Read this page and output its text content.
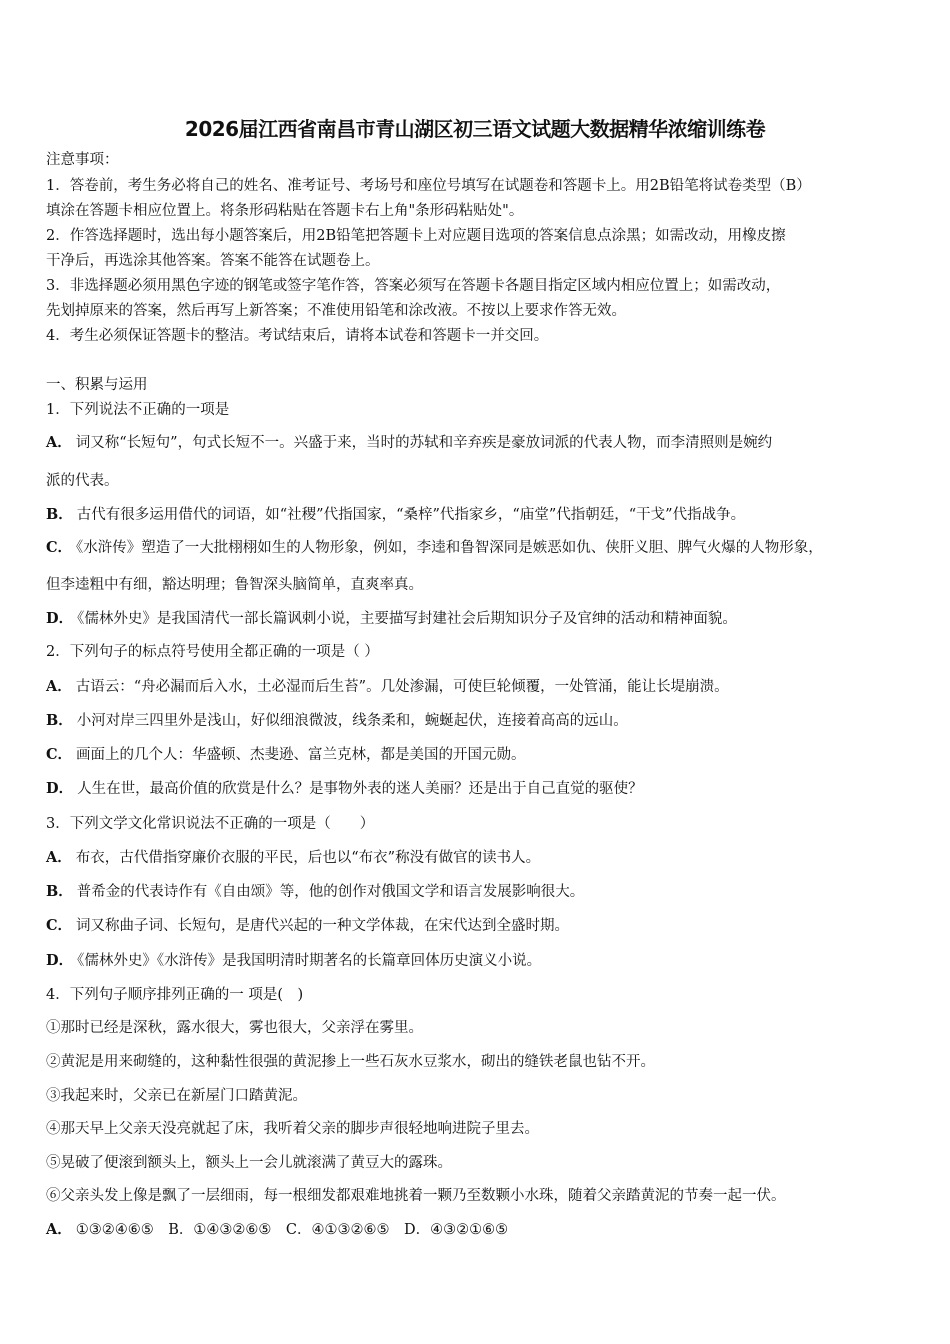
2026届江西省南昌市青山湖区初三语文试题大数据精华浓缩训练卷
注意事项：
1．答卷前，考生务必将自己的姓名、准考证号、考场号和座位号填写在试题卷和答题卡上。用2B铅笔将试卷类型（B）
填涂在答题卡相应位置上。将条形码粘贴在答题卡右上角"条形码粘贴处"。
2．作答选择题时，选出每小题答案后，用2B铅笔把答题卡上对应题目选项的答案信息点涂黑；如需改动，用橡皮擦
干净后，再选涂其他答案。答案不能答在试题卷上。
3．非选择题必须用黑色字迹的钢笔或签字笔作答，答案必须写在答题卡各题目指定区域内相应位置上；如需改动，
先划掉原来的答案，然后再写上新答案；不准使用铅笔和涂改液。不按以上要求作答无效。
4．考生必须保证答题卡的整洁。考试结束后，请将本试卷和答题卡一并交回。
一、积累与运用
1．下列说法不正确的一项是
A． 词又称“长短句”，句式长短不一。兴盛于来，当时的苏轼和辛弃疾是豪放词派的代表人物，而李清照则是婉约
派的代表。
B． 古代有很多运用借代的词语，如“社稷”代指国家，“桑梓”代指家乡，“庙堂”代指朝廷，“干戈”代指战争。
C． 《水浒传》塑造了一大批栩栩如生的人物形象，例如，李逵和鲁智深同是嫉恶如仇、侠肝义胆、脾气火爆的人物形象，
但李逵粗中有细，豁达明理；鲁智深头脑简单，直爽率真。
D． 《儒林外史》是我国清代一部长篇讽刺小说，主要描写封建社会后期知识分子及官绅的活动和精神面貌。
2．下列句子的标点符号使用全都正确的一项是（ ）
A． 古语云：“舟必漏而后入水，土必湿而后生苔”。几处渗漏，可使巨轮倾覆，一处管涌，能让长堤崩溃。
B． 小河对岸三四里外是浅山，好似细浪微波，线条柔和，蜿蜒起伏，连接着高高的远山。
C． 画面上的几个人：华盛顿、杰斐逊、富兰克林，都是美国的开国元勋。
D． 人生在世，最高价值的欣赏是什么？是事物外表的迷人美丽？还是出于自己直觉的驱使？
3．下列文学文化常识说法不正确的一项是（　　）
A． 布衣，古代借指穿廉价衣服的平民，后也以“布衣”称没有做官的读书人。
B． 普希金的代表诗作有《自由颂》等，他的创作对俄国文学和语言发展影响很大。
C． 词又称曲子词、长短句，是唐代兴起的一种文学体裁，在宋代达到全盛时期。
D． 《儒林外史》《水浒传》是我国明清时期著名的长篇章回体历史演义小说。
4．下列句子顺序排列正确的一 项是(　)
①那时已经是深秋，露水很大，雾也很大，父亲浮在雾里。
②黄泥是用来砌缝的，这种黏性很强的黄泥掺上一些石灰水豆浆水，砌出的缝铁老鼠也钻不开。
③我起来时，父亲已在新屋门口踏黄泥。
④那天早上父亲天没亮就起了床，我听着父亲的脚步声很轻地响进院子里去。
⑤晃破了便滚到额头上，额头上一会儿就滚满了黄豆大的露珠。
⑥父亲头发上像是飘了一层细雨，每一根细发都艰难地挑着一颗乃至数颗小水珠，随着父亲踏黄泥的节奏一起一伏。
A． ①③②④⑥⑤　B．①④③②⑥⑤　C．④①③②⑥⑤　D．④③②①⑥⑤
